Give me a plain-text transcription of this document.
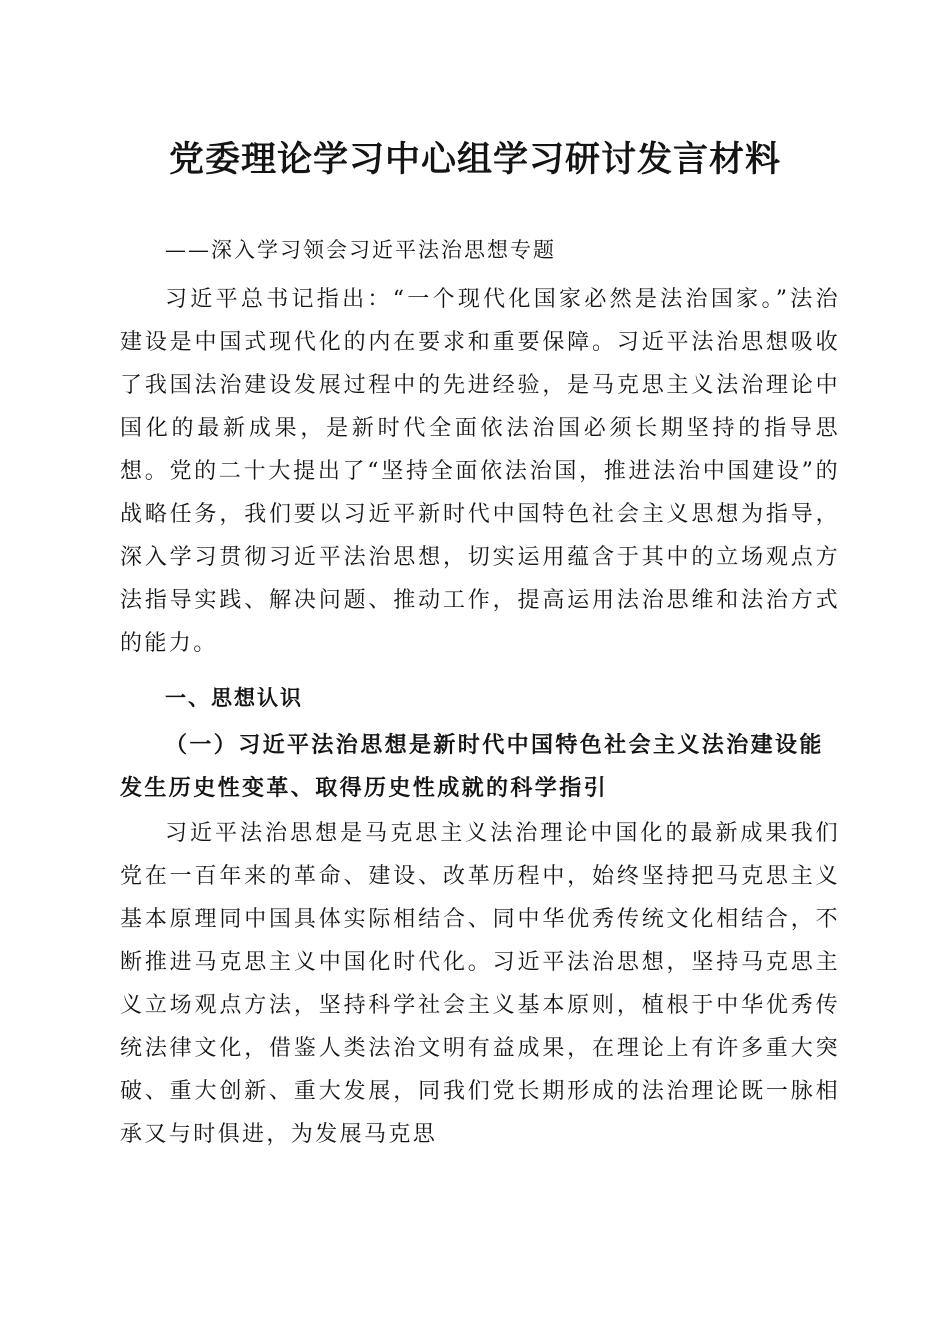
党委理论学习中心组学习研讨发言材料

——深入学习领会习近平法治思想专题

习近平总书记指出：“一个现代化国家必然是法治国家。”法治建设是中国式现代化的内在要求和重要保障。习近平法治思想吸收了我国法治建设发展过程中的先进经验，是马克思主义法治理论中国化的最新成果，是新时代全面依法治国必须长期坚持的指导思想。党的二十大提出了“坚持全面依法治国，推进法治中国建设”的战略任务，我们要以习近平新时代中国特色社会主义思想为指导，深入学习贯彻习近平法治思想，切实运用蕴含于其中的立场观点方法指导实践、解决问题、推动工作，提高运用法治思维和法治方式的能力。

一、思想认识
（一）习近平法治思想是新时代中国特色社会主义法治建设能发生历史性变革、取得历史性成就的科学指引

习近平法治思想是马克思主义法治理论中国化的最新成果我们党在一百年来的革命、建设、改革历程中，始终坚持把马克思主义基本原理同中国具体实际相结合、同中华优秀传统文化相结合，不断推进马克思主义中国化时代化。习近平法治思想，坚持马克思主义立场观点方法，坚持科学社会主义基本原则，植根于中华优秀传统法律文化，借鉴人类法治文明有益成果，在理论上有许多重大突破、重大创新、重大发展，同我们党长期形成的法治理论既一脉相承又与时俱进，为发展马克思
